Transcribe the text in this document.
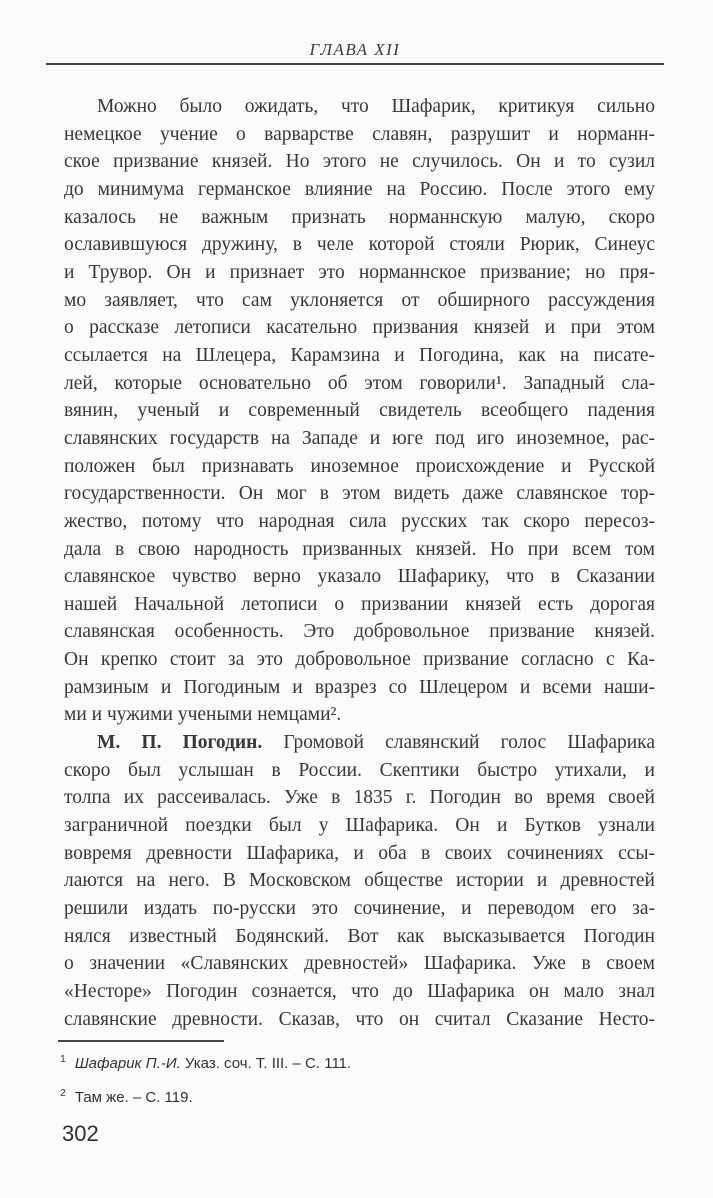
ГЛАВА XII
Можно было ожидать, что Шафарик, критикуя сильно
немецкое учение о варварстве славян, разрушит и норманн-
ское призвание князей. Но этого не случилось. Он и то сузил
до минимума германское влияние на Россию. После этого ему
казалось не важным признать норманнскую малую, скоро
ославившуюся дружину, в челе которой стояли Рюрик, Синеус
и Трувор. Он и признает это норманнское призвание; но пря-
мо заявляет, что сам уклоняется от обширного рассуждения
о рассказе летописи касательно призвания князей и при этом
ссылается на Шлецера, Карамзина и Погодина, как на писате-
лей, которые основательно об этом говорили¹. Западный сла-
вянин, ученый и современный свидетель всеобщего падения
славянских государств на Западе и юге под иго иноземное, рас-
положен был признавать иноземное происхождение и Русской
государственности. Он мог в этом видеть даже славянское тор-
жество, потому что народная сила русских так скоро пересоз-
дала в свою народность призванных князей. Но при всем том
славянское чувство верно указало Шафарику, что в Сказании
нашей Начальной летописи о призвании князей есть дорогая
славянская особенность. Это добровольное призвание князей.
Он крепко стоит за это добровольное призвание согласно с Ка-
рамзиным и Погодиным и вразрез со Шлецером и всеми наши-
ми и чужими учеными немцами².
М. П. Погодин. Громовой славянский голос Шафарика
скоро был услышан в России. Скептики быстро утихали, и
толпа их рассеивалась. Уже в 1835 г. Погодин во время своей
заграничной поездки был у Шафарика. Он и Бутков узнали
вовремя древности Шафарика, и оба в своих сочинениях ссы-
лаются на него. В Московском обществе истории и древностей
решили издать по-русски это сочинение, и переводом его за-
нялся известный Бодянский. Вот как высказывается Погодин
о значении «Славянских древностей» Шафарика. Уже в своем
«Несторе» Погодин сознается, что до Шафарика он мало знал
славянские древности. Сказав, что он считал Сказание Несто-
1 Шафарик П.-И. Указ. соч. Т. III. – С. 111.
2 Там же. – С. 119.
302
